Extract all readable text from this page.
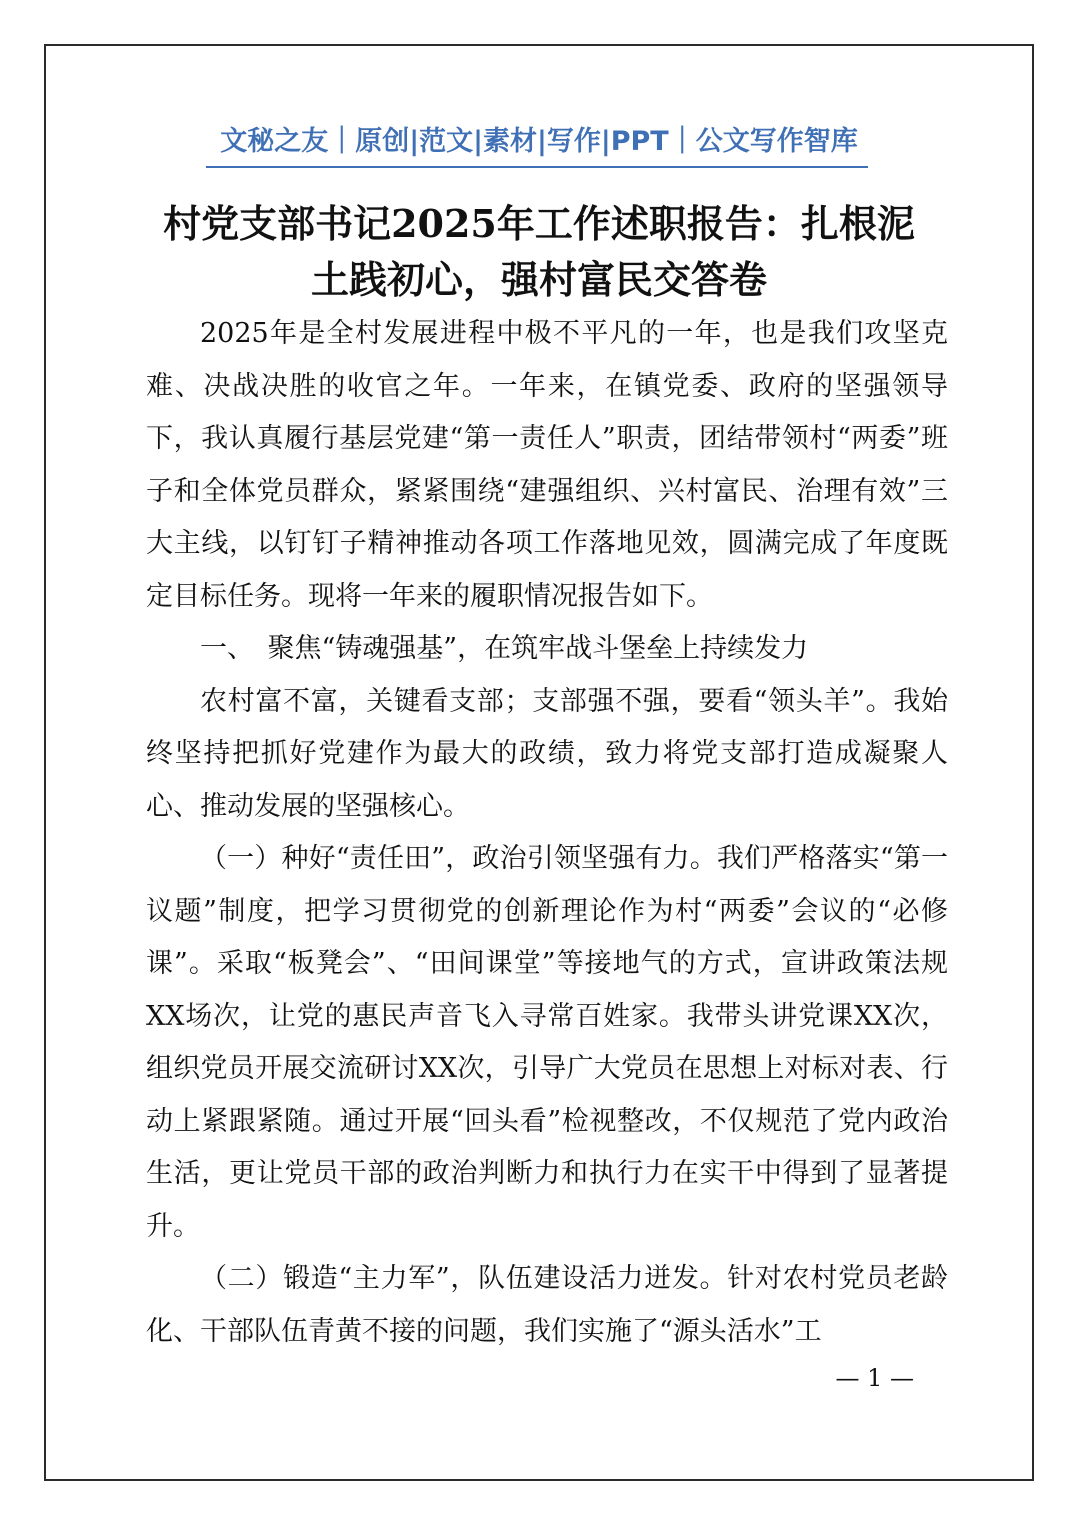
文秘之友｜原创|范文|素材|写作|PPT｜公文写作智库
村党支部书记2025年工作述职报告：扎根泥
土践初心，强村富民交答卷

2025年是全村发展进程中极不平凡的一年，也是我们攻坚克难、决战决胜的收官之年。一年来，在镇党委、政府的坚强领导下，我认真履行基层党建“第一责任人”职责，团结带领村“两委”班子和全体党员群众，紧紧围绕“建强组织、兴村富民、治理有效”三大主线，以钉钉子精神推动各项工作落地见效，圆满完成了年度既定目标任务。现将一年来的履职情况报告如下。

一、　聚焦“铸魂强基”，在筑牢战斗堡垒上持续发力

农村富不富，关键看支部；支部强不强，要看“领头羊”。我始终坚持把抓好党建作为最大的政绩，致力将党支部打造成凝聚人心、推动发展的坚强核心。

（一）种好“责任田”，政治引领坚强有力。我们严格落实“第一议题”制度，把学习贯彻党的创新理论作为村“两委”会议的“必修课”。采取“板凳会”、“田间课堂”等接地气的方式，宣讲政策法规XX场次，让党的惠民声音飞入寻常百姓家。我带头讲党课XX次，组织党员开展交流研讨XX次，引导广大党员在思想上对标对表、行动上紧跟紧随。通过开展“回头看”检视整改，不仅规范了党内政治生活，更让党员干部的政治判断力和执行力在实干中得到了显著提升。

（二）锻造“主力军”，队伍建设活力迸发。针对农村党员老龄化、干部队伍青黄不接的问题，我们实施了“源头活水”工

— 1 —
